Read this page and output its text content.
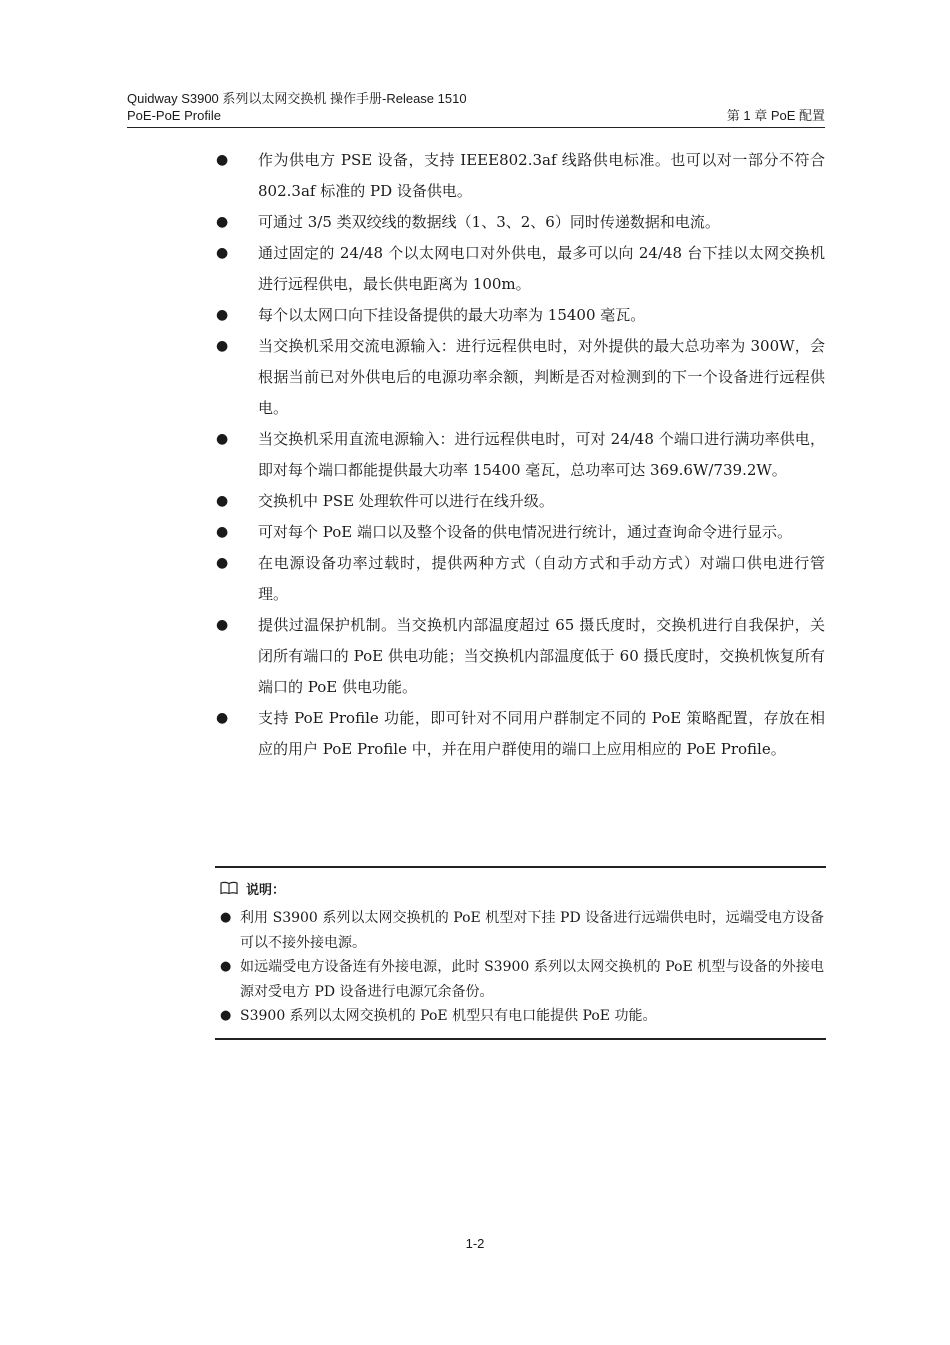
Quidway S3900 系列以太网交换机 操作手册-Release 1510
PoE-PoE Profile	第 1 章 PoE 配置
● 作为供电方 PSE 设备，支持 IEEE802.3af 线路供电标准。也可以对一部分不符合 802.3af 标准的 PD 设备供电。
● 可通过 3/5 类双绞线的数据线（1、3、2、6）同时传递数据和电流。
● 通过固定的 24/48 个以太网电口对外供电，最多可以向 24/48 台下挂以太网交换机进行远程供电，最长供电距离为 100m。
● 每个以太网口向下挂设备提供的最大功率为 15400 毫瓦。
● 当交换机采用交流电源输入：进行远程供电时，对外提供的最大总功率为 300W，会根据当前已对外供电后的电源功率余额，判断是否对检测到的下一个设备进行远程供电。
● 当交换机采用直流电源输入：进行远程供电时，可对 24/48 个端口进行满功率供电，即对每个端口都能提供最大功率 15400 毫瓦，总功率可达 369.6W/739.2W。
● 交换机中 PSE 处理软件可以进行在线升级。
● 可对每个 PoE 端口以及整个设备的供电情况进行统计，通过查询命令进行显示。
● 在电源设备功率过载时，提供两种方式（自动方式和手动方式）对端口供电进行管理。
● 提供过温保护机制。当交换机内部温度超过 65 摄氏度时，交换机进行自我保护，关闭所有端口的 PoE 供电功能；当交换机内部温度低于 60 摄氏度时，交换机恢复所有端口的 PoE 供电功能。
● 支持 PoE Profile 功能，即可针对不同用户群制定不同的 PoE 策略配置，存放在相应的用户 PoE Profile 中，并在用户群使用的端口上应用相应的 PoE Profile。
说明：
● 利用 S3900 系列以太网交换机的 PoE 机型对下挂 PD 设备进行远端供电时，远端受电方设备可以不接外接电源。
● 如远端受电方设备连有外接电源，此时 S3900 系列以太网交换机的 PoE 机型与设备的外接电源对受电方 PD 设备进行电源冗余备份。
● S3900 系列以太网交换机的 PoE 机型只有电口能提供 PoE 功能。
1-2
